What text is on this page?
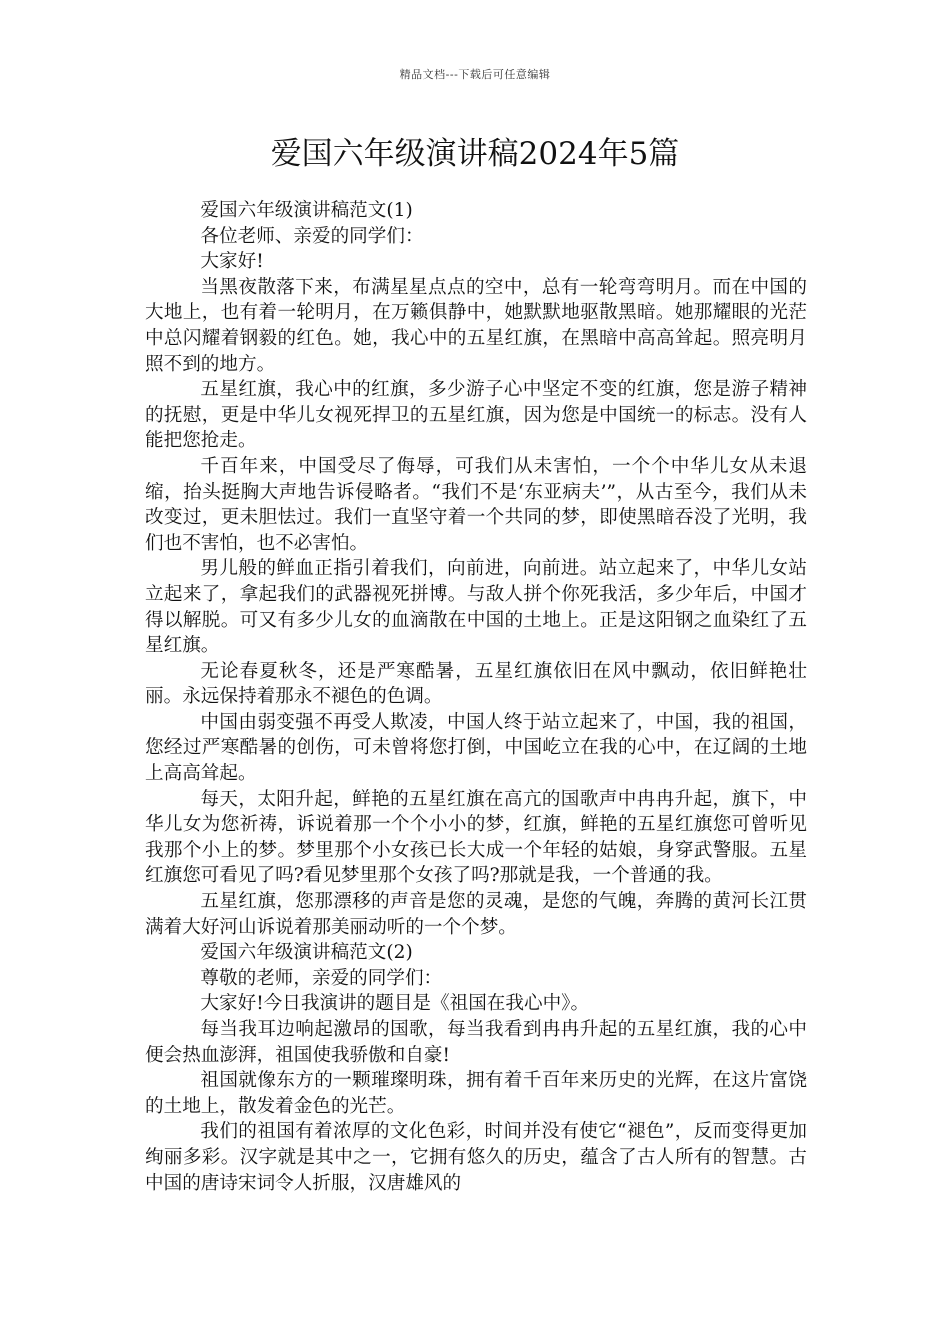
精品文档---下载后可任意编辑
爱国六年级演讲稿2024年5篇

爱国六年级演讲稿范文(1)

各位老师、亲爱的同学们：

大家好!

当黑夜散落下来，布满星星点点的空中，总有一轮弯弯明月。而在中国的大地上，也有着一轮明月，在万籁俱静中，她默默地驱散黑暗。她那耀眼的光茫中总闪耀着钢毅的红色。她，我心中的五星红旗，在黑暗中高高耸起。照亮明月照不到的地方。

五星红旗，我心中的红旗，多少游子心中坚定不变的红旗，您是游子精神的抚慰，更是中华儿女视死捍卫的五星红旗，因为您是中国统一的标志。没有人能把您抢走。

千百年来，中国受尽了侮辱，可我们从未害怕，一个个中华儿女从未退缩，抬头挺胸大声地告诉侵略者。“我们不是‘东亚病夫’”，从古至今，我们从未改变过，更未胆怯过。我们一直坚守着一个共同的梦，即使黑暗吞没了光明，我们也不害怕，也不必害怕。

男儿般的鲜血正指引着我们，向前进，向前进。站立起来了，中华儿女站立起来了，拿起我们的武器视死拼博。与敌人拼个你死我活，多少年后，中国才得以解脱。可又有多少儿女的血滴散在中国的土地上。正是这阳钢之血染红了五星红旗。

无论春夏秋冬，还是严寒酷暑，五星红旗依旧在风中飘动，依旧鲜艳壮丽。永远保持着那永不褪色的色调。

中国由弱变强不再受人欺凌，中国人终于站立起来了，中国，我的祖国，您经过严寒酷暑的创伤，可未曾将您打倒，中国屹立在我的心中，在辽阔的土地上高高耸起。

每天，太阳升起，鲜艳的五星红旗在高亢的国歌声中冉冉升起，旗下，中华儿女为您祈祷，诉说着那一个个小小的梦，红旗，鲜艳的五星红旗您可曾听见我那个小上的梦。梦里那个小女孩已长大成一个年轻的姑娘，身穿武警服。五星红旗您可看见了吗?看见梦里那个女孩了吗?那就是我，一个普通的我。

五星红旗，您那漂移的声音是您的灵魂，是您的气魄，奔腾的黄河长江贯满着大好河山诉说着那美丽动听的一个个梦。

爱国六年级演讲稿范文(2)

尊敬的老师，亲爱的同学们：

大家好!今日我演讲的题目是《祖国在我心中》。

每当我耳边响起激昂的国歌，每当我看到冉冉升起的五星红旗，我的心中便会热血澎湃，祖国使我骄傲和自豪!

祖国就像东方的一颗璀璨明珠，拥有着千百年来历史的光辉，在这片富饶的土地上，散发着金色的光芒。

我们的祖国有着浓厚的文化色彩，时间并没有使它“褪色”，反而变得更加绚丽多彩。汉字就是其中之一，它拥有悠久的历史，蕴含了古人所有的智慧。古中国的唐诗宋词令人折服，汉唐雄风的
